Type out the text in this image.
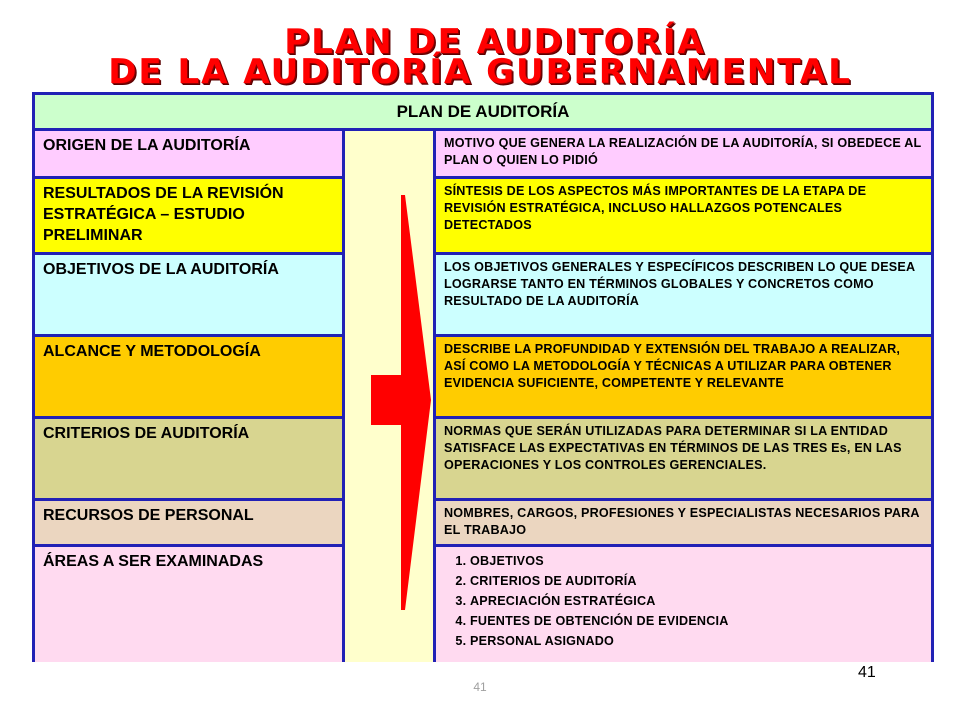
PLAN DE AUDITORÍA
DE LA AUDITORÍA GUBERNAMENTAL
PLAN DE AUDITORÍA
ORIGEN DE LA AUDITORÍA	MOTIVO QUE GENERA LA REALIZACIÓN DE LA AUDITORÍA, SI OBEDECE AL PLAN O QUIEN LO PIDIÓ
RESULTADOS DE LA REVISIÓN ESTRATÉGICA – ESTUDIO PRELIMINAR
SÍNTESIS DE LOS ASPECTOS MÁS IMPORTANTES DE LA ETAPA DE REVISIÓN ESTRATÉGICA, INCLUSO HALLAZGOS POTENCALES DETECTADOS
OBJETIVOS DE LA AUDITORÍA	LOS OBJETIVOS GENERALES Y ESPECÍFICOS DESCRIBEN LO QUE DESEA LOGRARSE TANTO EN TÉRMINOS GLOBALES Y CONCRETOS COMO RESULTADO DE LA AUDITORÍA
ALCANCE Y METODOLOGÍA	DESCRIBE LA PROFUNDIDAD Y EXTENSIÓN DEL TRABAJO A REALIZAR, ASÍ COMO LA METODOLOGÍA Y TÉCNICAS A UTILIZAR PARA OBTENER EVIDENCIA SUFICIENTE, COMPETENTE Y RELEVANTE
CRITERIOS DE AUDITORÍA	NORMAS QUE SERÁN UTILIZADAS PARA DETERMINAR SI LA ENTIDAD SATISFACE LAS EXPECTATIVAS EN TÉRMINOS DE LAS TRES Es, EN LAS OPERACIONES Y LOS CONTROLES GERENCIALES.
RECURSOS DE PERSONAL	NOMBRES, CARGOS, PROFESIONES Y ESPECIALISTAS NECESARIOS PARA EL TRABAJO
ÁREAS A SER EXAMINADAS
1.	OBJETIVOS
2. CRITERIOS DE AUDITORÍA
3. APRECIACIÓN ESTRATÉGICA
4. FUENTES DE OBTENCIÓN DE EVIDENCIA
5. PERSONAL ASIGNADO
41
41
